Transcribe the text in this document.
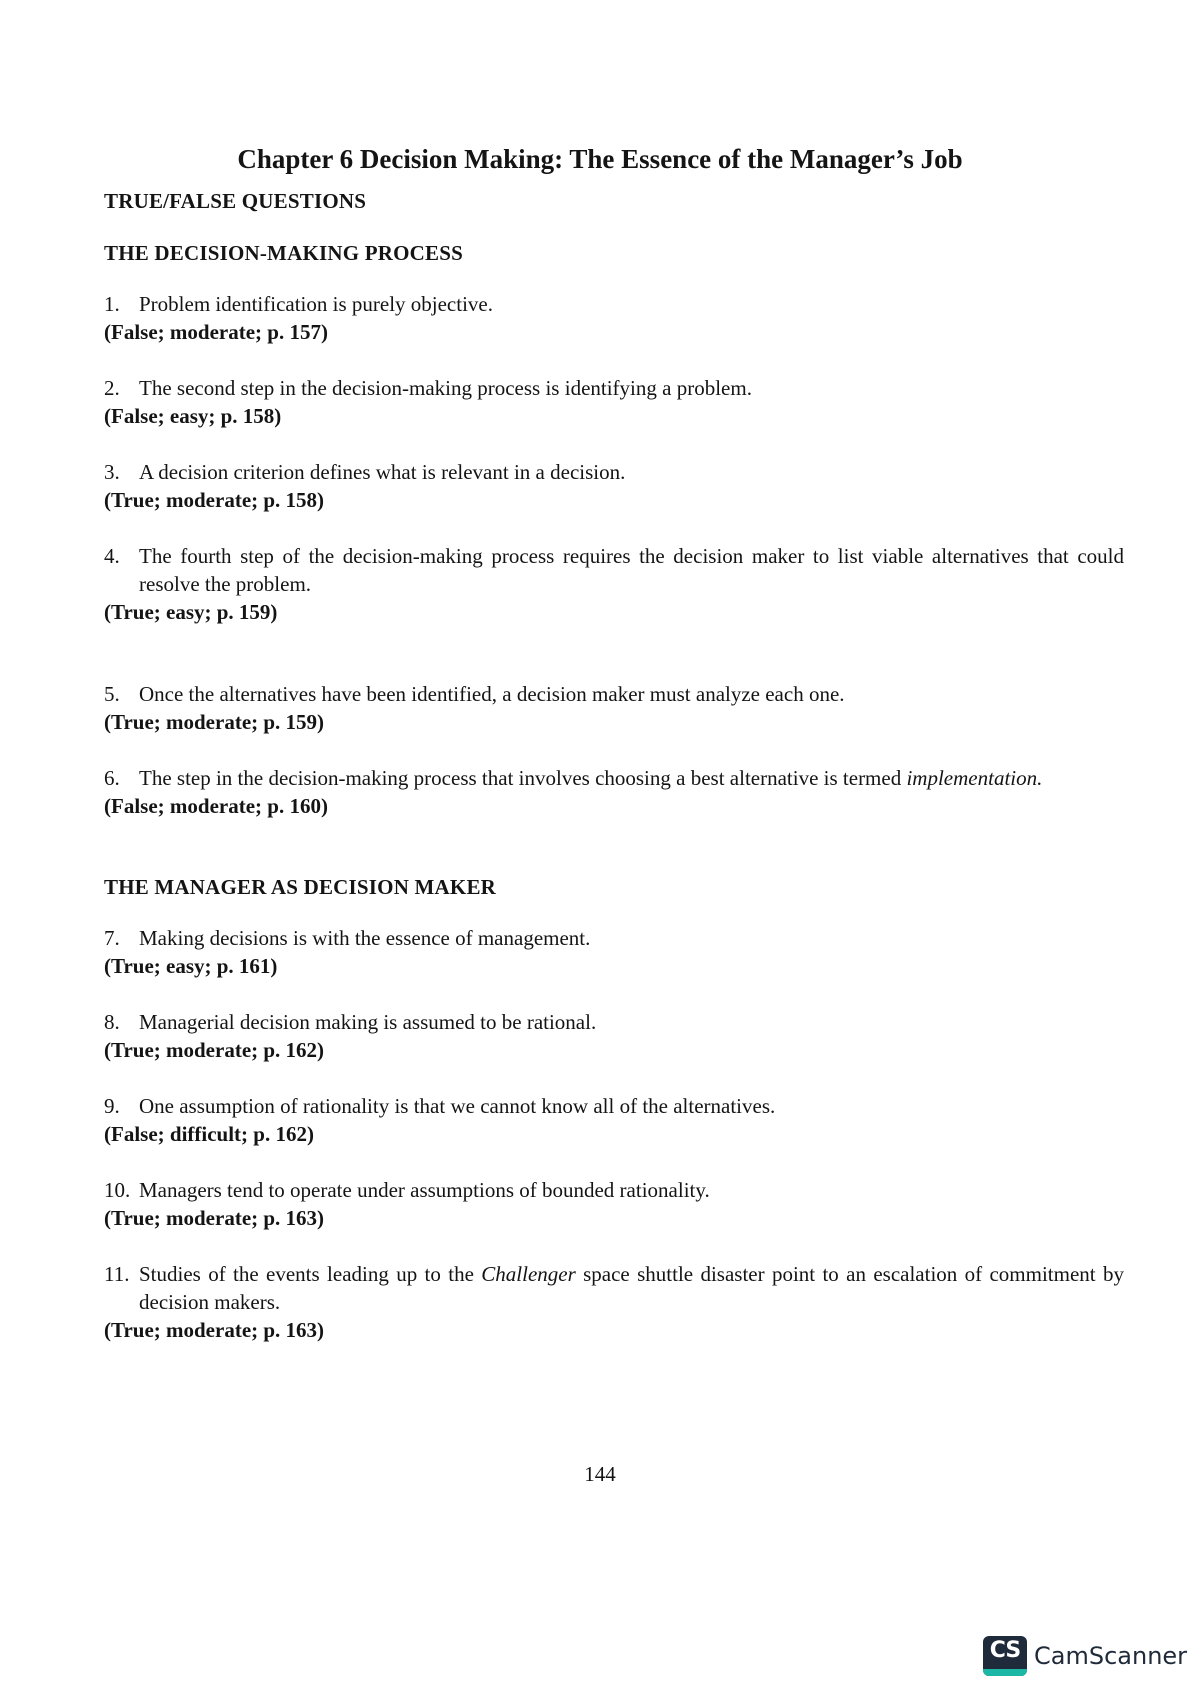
Chapter 6 Decision Making: The Essence of the Manager’s Job
TRUE/FALSE QUESTIONS
THE DECISION-MAKING PROCESS
1. Problem identification is purely objective.
(False; moderate; p. 157)
2. The second step in the decision-making process is identifying a problem.
(False; easy; p. 158)
3. A decision criterion defines what is relevant in a decision.
(True; moderate; p. 158)
4. The fourth step of the decision-making process requires the decision maker to list viable alternatives that could resolve the problem.
(True; easy; p. 159)
5. Once the alternatives have been identified, a decision maker must analyze each one.
(True; moderate; p. 159)
6. The step in the decision-making process that involves choosing a best alternative is termed implementation.
(False; moderate; p. 160)
THE MANAGER AS DECISION MAKER
7. Making decisions is with the essence of management.
(True; easy; p. 161)
8. Managerial decision making is assumed to be rational.
(True; moderate; p. 162)
9. One assumption of rationality is that we cannot know all of the alternatives.
(False; difficult; p. 162)
10. Managers tend to operate under assumptions of bounded rationality.
(True; moderate; p. 163)
11. Studies of the events leading up to the Challenger space shuttle disaster point to an escalation of commitment by decision makers.
(True; moderate; p. 163)
144
CS CamScanner
